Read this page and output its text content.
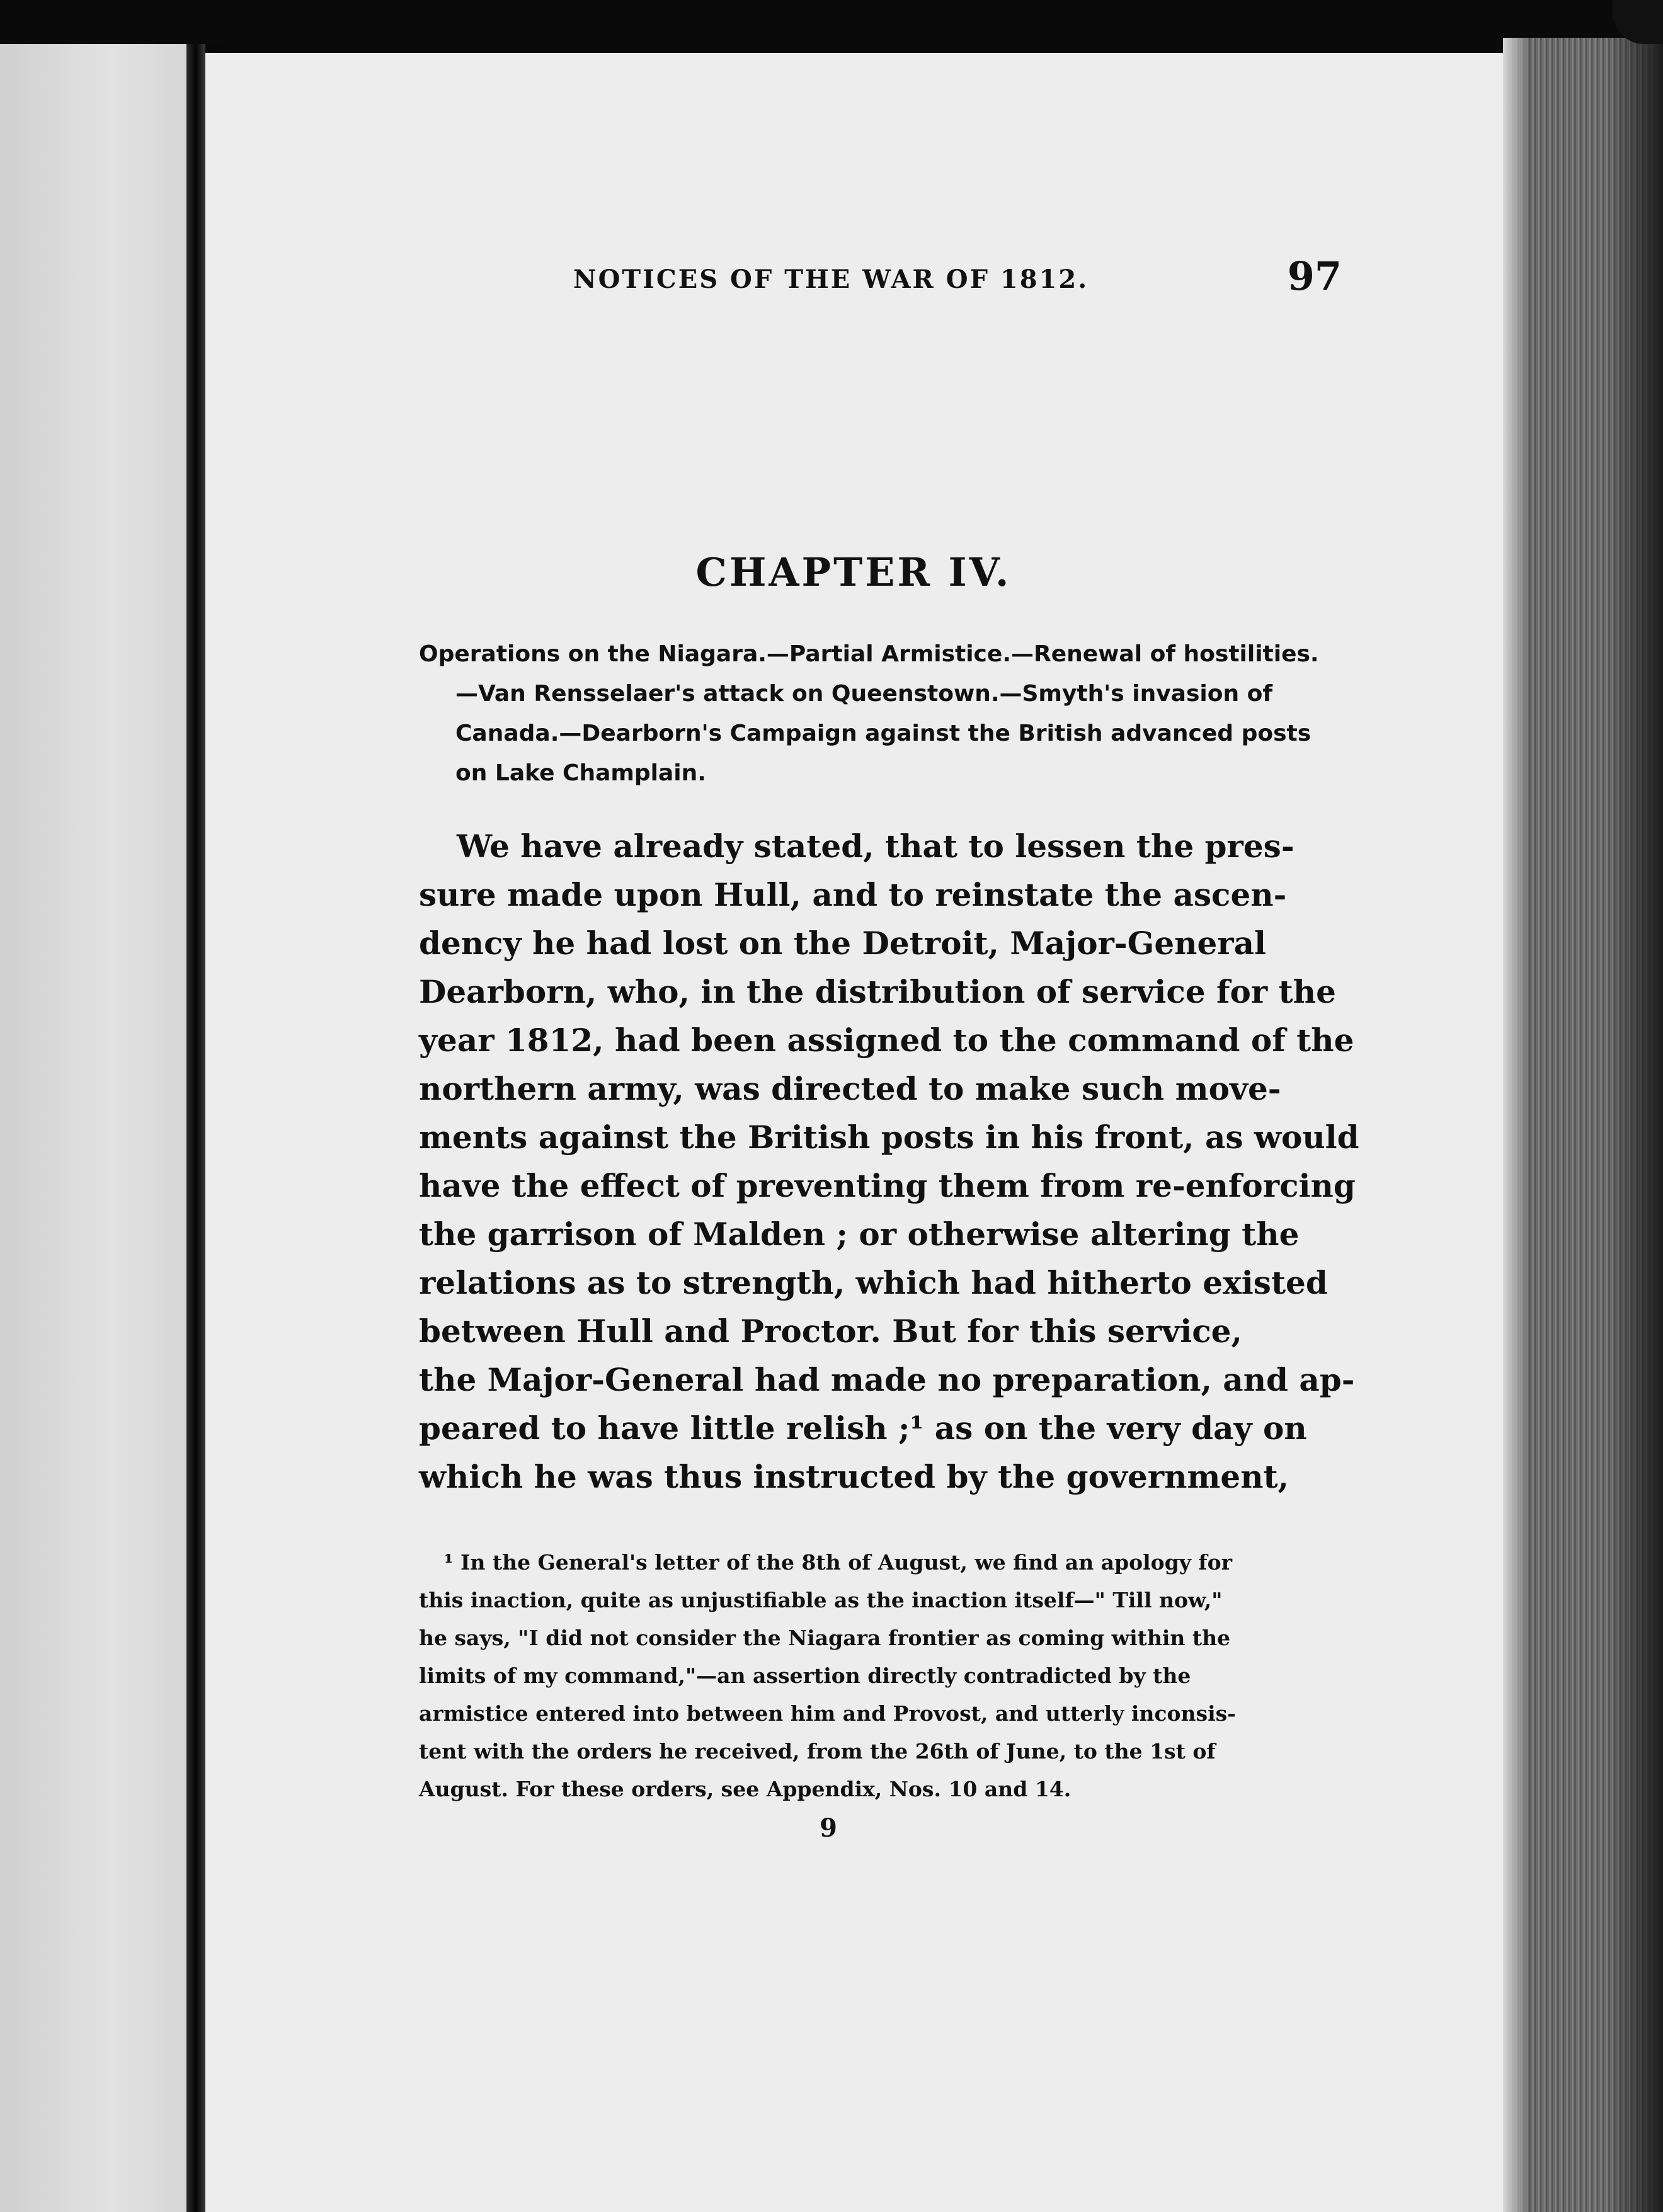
NOTICES OF THE WAR OF 1812.	97
CHAPTER IV.
Operations on the Niagara.—Partial Armistice.—Renewal of hostilities.
—Van Rensselaer's attack on Queenstown.—Smyth's invasion of
Canada.—Dearborn's Campaign against the British advanced posts
on Lake Champlain.
We have already stated, that to lessen the pres-
sure made upon Hull, and to reinstate the ascen-
dency he had lost on the Detroit, Major-General
Dearborn, who, in the distribution of service for the
year 1812, had been assigned to the command of the
northern army, was directed to make such move-
ments against the British posts in his front, as would
have the effect of preventing them from re-enforcing
the garrison of Malden ; or otherwise altering the
relations as to strength, which had hitherto existed
between Hull and Proctor. But for this service,
the Major-General had made no preparation, and ap-
peared to have little relish ;¹ as on the very day on
which he was thus instructed by the government,
¹ In the General's letter of the 8th of August, we find an apology for
this inaction, quite as unjustifiable as the inaction itself—" Till now,"
he says, "I did not consider the Niagara frontier as coming within the
limits of my command,"—an assertion directly contradicted by the
armistice entered into between him and Provost, and utterly inconsis-
tent with the orders he received, from the 26th of June, to the 1st of
August. For these orders, see Appendix, Nos. 10 and 14.
9
